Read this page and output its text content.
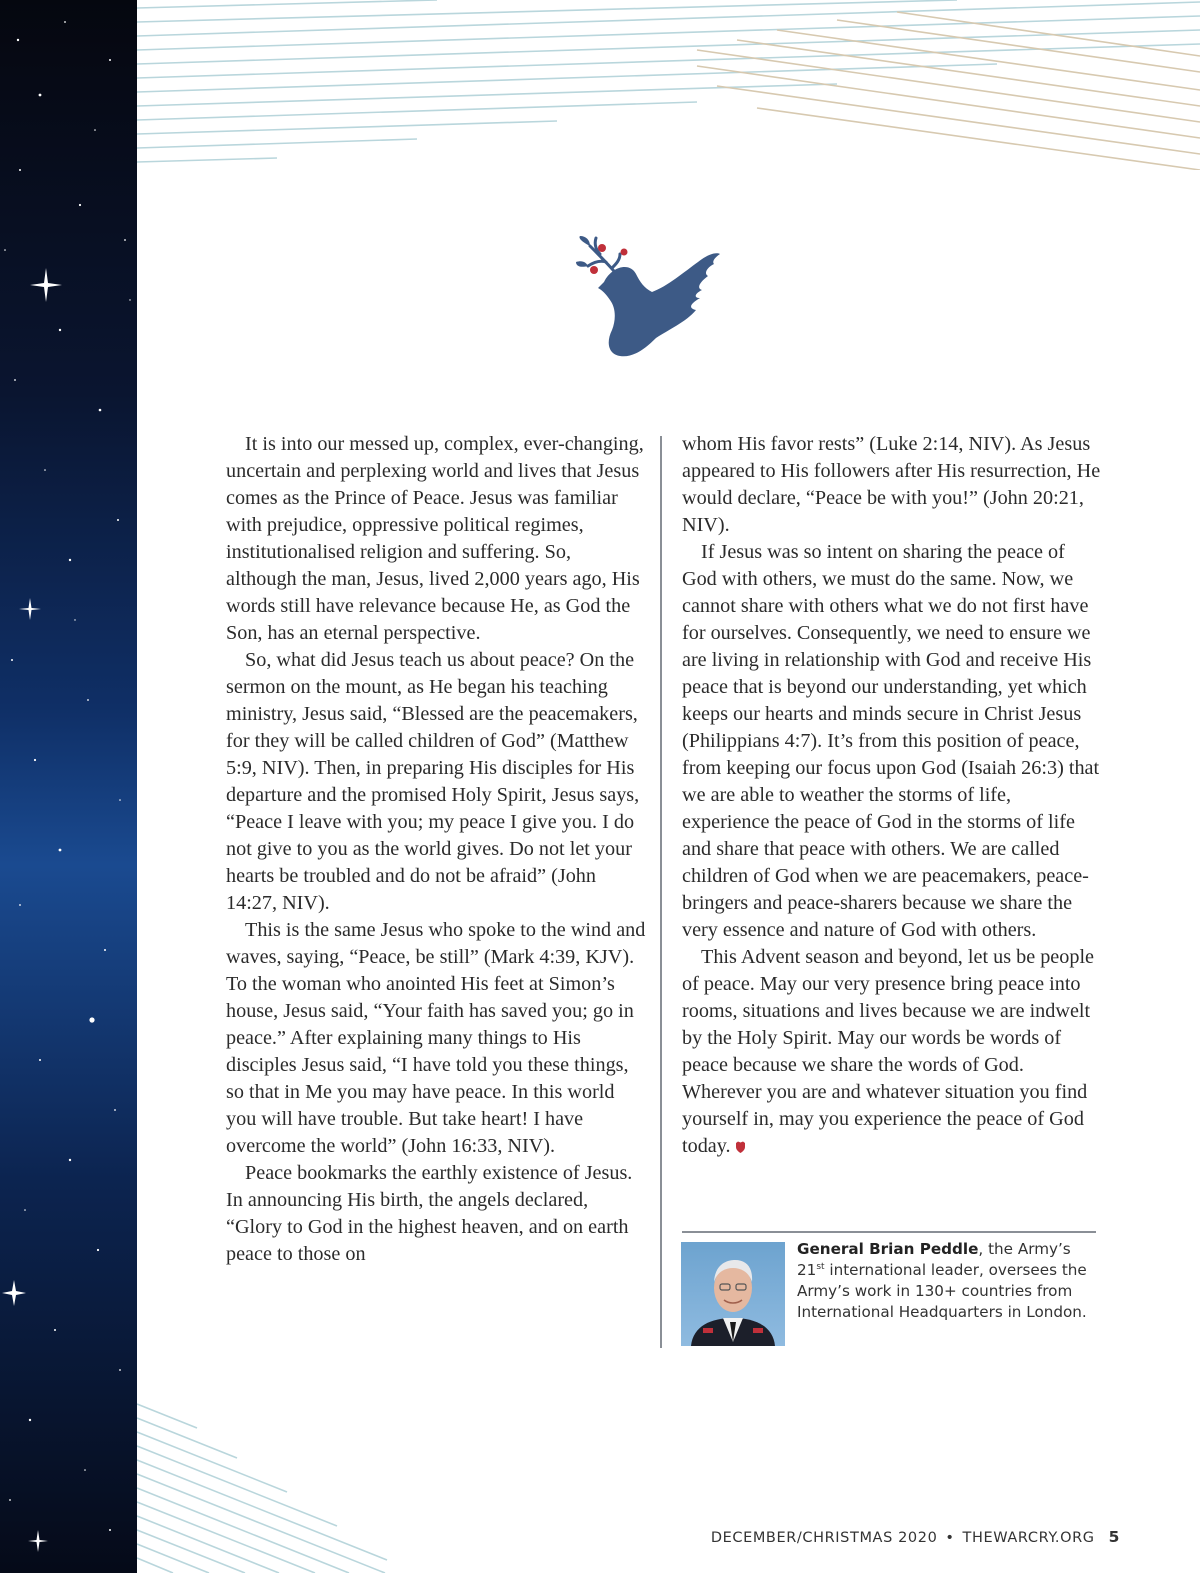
It is into our messed up, complex, ever-changing, uncertain and perplexing world and lives that Jesus comes as the Prince of Peace. Jesus was familiar with prejudice, oppressive political regimes, institutionalised religion and suffering. So, although the man, Jesus, lived 2,000 years ago, His words still have relevance because He, as God the Son, has an eternal perspective.

So, what did Jesus teach us about peace? On the sermon on the mount, as He began his teaching ministry, Jesus said, “Blessed are the peacemakers, for they will be called children of God” (Matthew 5:9, NIV). Then, in preparing His disciples for His departure and the promised Holy Spirit, Jesus says, “Peace I leave with you; my peace I give you. I do not give to you as the world gives. Do not let your hearts be troubled and do not be afraid” (John 14:27, NIV).

This is the same Jesus who spoke to the wind and waves, saying, “Peace, be still” (Mark 4:39, KJV). To the woman who anointed His feet at Simon’s house, Jesus said, “Your faith has saved you; go in peace.” After explaining many things to His disciples Jesus said, “I have told you these things, so that in Me you may have peace. In this world you will have trouble. But take heart! I have overcome the world” (John 16:33, NIV).

Peace bookmarks the earthly existence of Jesus. In announcing His birth, the angels declared, “Glory to God in the highest heaven, and on earth peace to those on

whom His favor rests” (Luke 2:14, NIV). As Jesus appeared to His followers after His resurrection, He would declare, “Peace be with you!” (John 20:21, NIV).

If Jesus was so intent on sharing the peace of God with others, we must do the same. Now, we cannot share with others what we do not first have for ourselves. Consequently, we need to ensure we are living in relationship with God and receive His peace that is beyond our understanding, yet which keeps our hearts and minds secure in Christ Jesus (Philippians 4:7). It’s from this position of peace, from keeping our focus upon God (Isaiah 26:3) that we are able to weather the storms of life, experience the peace of God in the storms of life and share that peace with others. We are called children of God when we are peacemakers, peace-bringers and peace-sharers because we share the very essence and nature of God with others.

This Advent season and beyond, let us be people of peace. May our very presence bring peace into rooms, situations and lives because we are indwelt by the Holy Spirit. May our words be words of peace because we share the words of God. Wherever you are and whatever situation you find yourself in, may you experience the peace of God today.

General Brian Peddle, the Army’s 21st international leader, oversees the Army’s work in 130+ countries from International Headquarters in London.
DECEMBER/CHRISTMAS 2020 • THEWARCRY.ORG 5
